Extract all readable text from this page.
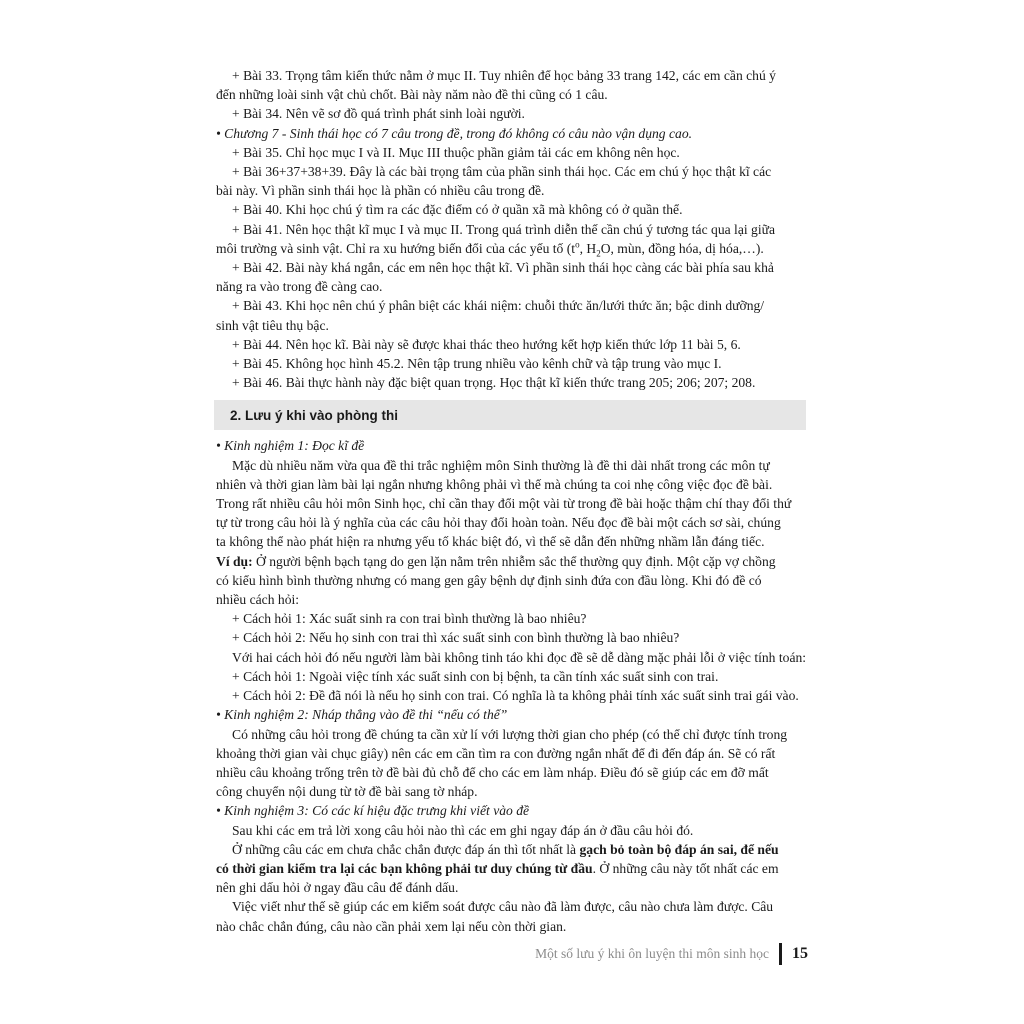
+ Bài 33. Trọng tâm kiến thức nằm ở mục II. Tuy nhiên để học bảng 33 trang 142, các em cần chú ý

đến những loài sinh vật chủ chốt. Bài này năm nào đề thi cũng có 1 câu.

+ Bài 34. Nên vẽ sơ đồ quá trình phát sinh loài người.

• Chương 7 - Sinh thái học có 7 câu trong đề, trong đó không có câu nào vận dụng cao.

+ Bài 35. Chỉ học mục I và II. Mục III thuộc phần giảm tải các em không nên học.

+ Bài 36+37+38+39. Đây là các bài trọng tâm của phần sinh thái học. Các em chú ý học thật kĩ các

bài này. Vì phần sinh thái học là phần có nhiều câu trong đề.

+ Bài 40. Khi học chú ý tìm ra các đặc điểm có ở quần xã mà không có ở quần thể.

+ Bài 41. Nên học thật kĩ mục I và mục II. Trong quá trình diễn thế cần chú ý tương tác qua lại giữa

môi trường và sinh vật. Chỉ ra xu hướng biến đổi của các yếu tố ($t^o$, $H_2O$, mùn, đồng hóa, dị hóa,…).

+ Bài 42. Bài này khá ngắn, các em nên học thật kĩ. Vì phần sinh thái học càng các bài phía sau khả

năng ra vào trong đề càng cao.

+ Bài 43. Khi học nên chú ý phân biệt các khái niệm: chuỗi thức ăn/lưới thức ăn; bậc dinh dưỡng/

sinh vật tiêu thụ bậc.

+ Bài 44. Nên học kĩ. Bài này sẽ được khai thác theo hướng kết hợp kiến thức lớp 11 bài 5, 6.

+ Bài 45. Không học hình 45.2. Nên tập trung nhiều vào kênh chữ và tập trung vào mục I.

+ Bài 46. Bài thực hành này đặc biệt quan trọng. Học thật kĩ kiến thức trang 205; 206; 207; 208.

2. Lưu ý khi vào phòng thi

• Kinh nghiệm 1: Đọc kĩ đề

Mặc dù nhiều năm vừa qua đề thi trắc nghiệm môn Sinh thường là đề thi dài nhất trong các môn tự

nhiên và thời gian làm bài lại ngắn nhưng không phải vì thế mà chúng ta coi nhẹ công việc đọc đề bài.

Trong rất nhiều câu hỏi môn Sinh học, chỉ cần thay đổi một vài từ trong đề bài hoặc thậm chí thay đổi thứ

tự từ trong câu hỏi là ý nghĩa của các câu hỏi thay đổi hoàn toàn. Nếu đọc đề bài một cách sơ sài, chúng

ta không thể nào phát hiện ra nhưng yếu tố khác biệt đó, vì thế sẽ dẫn đến những nhầm lẫn đáng tiếc.

Ví dụ: Ở người bệnh bạch tạng do gen lặn nằm trên nhiễm sắc thể thường quy định. Một cặp vợ chồng

có kiểu hình bình thường nhưng có mang gen gây bệnh dự định sinh đứa con đầu lòng. Khi đó đề có

nhiều cách hỏi:

+ Cách hỏi 1: Xác suất sinh ra con trai bình thường là bao nhiêu?

+ Cách hỏi 2: Nếu họ sinh con trai thì xác suất sinh con bình thường là bao nhiêu?

Với hai cách hỏi đó nếu người làm bài không tinh táo khi đọc đề sẽ dễ dàng mặc phải lỗi ở việc tính toán:

+ Cách hỏi 1: Ngoài việc tính xác suất sinh con bị bệnh, ta cần tính xác suất sinh con trai.

+ Cách hỏi 2: Đề đã nói là nếu họ sinh con trai. Có nghĩa là ta không phải tính xác suất sinh trai gái vào.

• Kinh nghiệm 2: Nháp thẳng vào đề thi “nếu có thể”

Có những câu hỏi trong đề chúng ta cần xử lí với lượng thời gian cho phép (có thể chỉ được tính trong

khoảng thời gian vài chục giây) nên các em cần tìm ra con đường ngắn nhất để đi đến đáp án. Sẽ có rất

nhiều câu khoảng trống trên tờ đề bài đủ chỗ để cho các em làm nháp. Điều đó sẽ giúp các em đỡ mất

công chuyển nội dung từ tờ đề bài sang tờ nháp.

• Kinh nghiệm 3: Có các kí hiệu đặc trưng khi viết vào đề

Sau khi các em trả lời xong câu hỏi nào thì các em ghi ngay đáp án ở đầu câu hỏi đó.

Ở những câu các em chưa chắc chắn được đáp án thì tốt nhất là gạch bỏ toàn bộ đáp án sai, để nếu

có thời gian kiểm tra lại các bạn không phải tư duy chúng từ đầu. Ở những câu này tốt nhất các em

nên ghi dấu hỏi ở ngay đầu câu để đánh dấu.

Việc viết như thế sẽ giúp các em kiểm soát được câu nào đã làm được, câu nào chưa làm được. Câu

nào chắc chắn đúng, câu nào cần phải xem lại nếu còn thời gian.

Một số lưu ý khi ôn luyện thi môn sinh học 15
